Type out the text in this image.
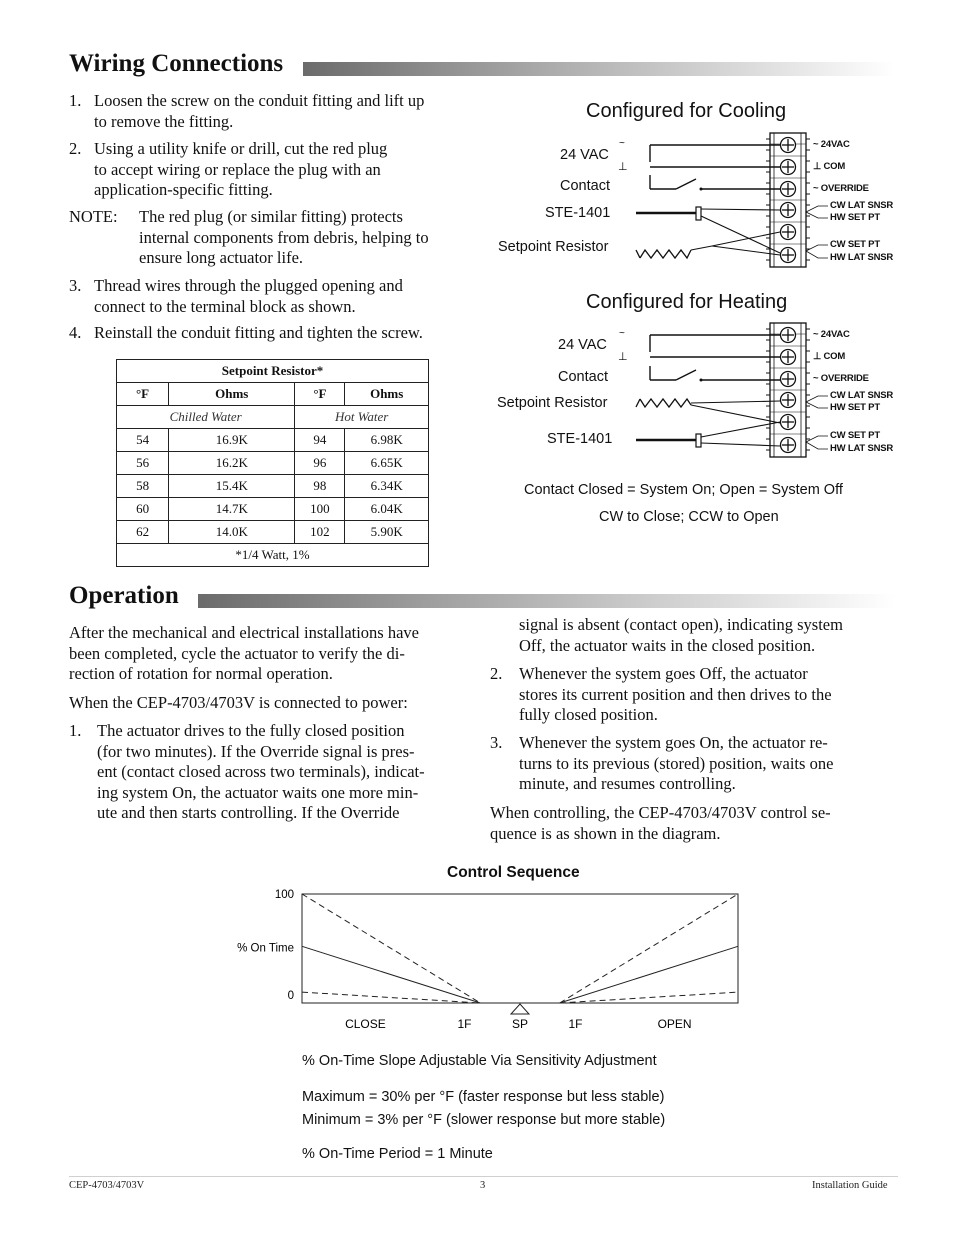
Wiring Connections
1. Loosen the screw on the conduit fitting and lift up
to remove the fitting.
2. Using a utility knife or drill, cut the red plug
to accept wiring or replace the plug with an
application-specific fitting.
NOTE: The red plug (or similar fitting) protects
internal components from debris, helping to
ensure long actuator life.
3. Thread wires through the plugged opening and
connect to the terminal block as shown.
4. Reinstall the conduit fitting and tighten the screw.
Setpoint Resistor*			
°F	Ohms	°F	Ohms
Chilled Water		Hot Water	
54	16.9K	94	6.98K
56	16.2K	96	6.65K
58	15.4K	98	6.34K
60	14.7K	100	6.04K
62	14.0K	102	5.90K
*1/4 Watt, 1%			
Configured for Cooling
24 VAC
Contact
STE-1401
Setpoint Resistor
~ 24VAC
⊥ COM
~ OVERRIDE
CW LAT SNSR
HW SET PT
CW SET PT
HW LAT SNSR
Configured for Heating
24 VAC
Contact
Setpoint Resistor
STE-1401
~ 24VAC
⊥ COM
~ OVERRIDE
CW LAT SNSR
HW SET PT
CW SET PT
HW LAT SNSR
~
⊥
~
⊥
Contact Closed = System On; Open = System Off
CW to Close; CCW to Open
Operation
After the mechanical and electrical installations have
been completed, cycle the actuator to verify the di-
rection of rotation for normal operation.
When the CEP-4703/4703V is connected to power:
1. The actuator drives to the fully closed position
(for two minutes). If the Override signal is pres-
ent (contact closed across two terminals), indicat-
ing system On, the actuator waits one more min-
ute and then starts controlling. If the Override
signal is absent (contact open), indicating system
Off, the actuator waits in the closed position.
2. Whenever the system goes Off, the actuator
stores its current position and then drives to the
fully closed position.
3. Whenever the system goes On, the actuator re-
turns to its previous (stored) position, waits one
minute, and resumes controlling.
When controlling, the CEP-4703/4703V control se-
quence is as shown in the diagram.
Control Sequence
100
0
% On Time
CLOSE	1F	SP	1F	OPEN
% On-Time Slope Adjustable Via Sensitivity Adjustment
Maximum = 30% per °F (faster response but less stable)
Minimum = 3% per °F (slower response but more stable)
% On-Time Period = 1 Minute
CEP-4703/4703V	3	Installation Guide
